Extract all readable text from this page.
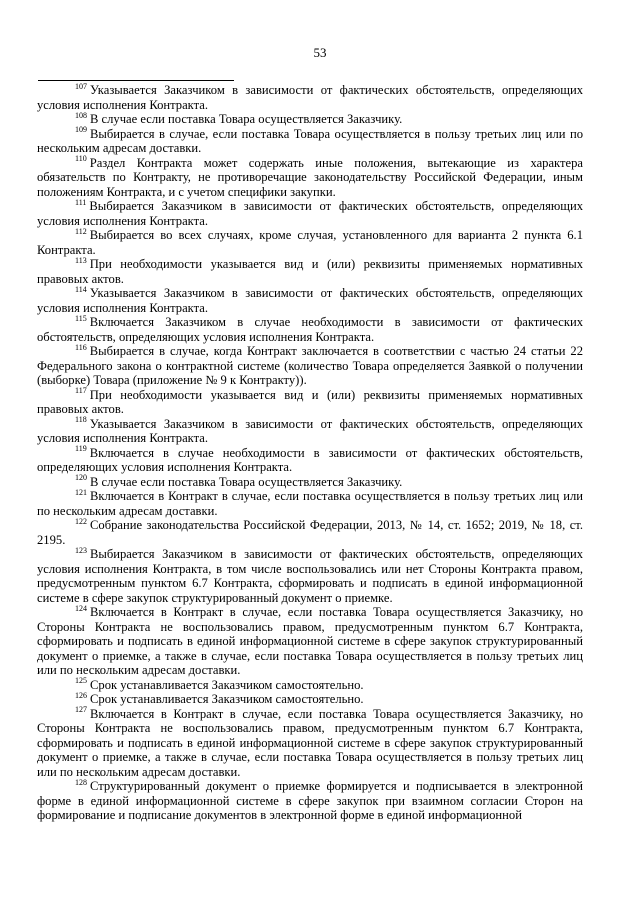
53

$^{107}$ Указывается Заказчиком в зависимости от фактических обстоятельств, определяющих условия исполнения Контракта.

$^{108}$ В случае если поставка Товара осуществляется Заказчику.

$^{109}$ Выбирается в случае, если поставка Товара осуществляется в пользу третьих лиц или по нескольким адресам доставки.

$^{110}$ Раздел Контракта может содержать иные положения, вытекающие из характера обязательств по Контракту, не противоречащие законодательству Российской Федерации, иным положениям Контракта, и с учетом специфики закупки.

$^{111}$ Выбирается Заказчиком в зависимости от фактических обстоятельств, определяющих условия исполнения Контракта.

$^{112}$ Выбирается во всех случаях, кроме случая, установленного для варианта 2 пункта 6.1 Контракта.

$^{113}$ При необходимости указывается вид и (или) реквизиты применяемых нормативных правовых актов.

$^{114}$ Указывается Заказчиком в зависимости от фактических обстоятельств, определяющих условия исполнения Контракта.

$^{115}$ Включается Заказчиком в случае необходимости в зависимости от фактических обстоятельств, определяющих условия исполнения Контракта.

$^{116}$ Выбирается в случае, когда Контракт заключается в соответствии с частью 24 статьи 22 Федерального закона о контрактной системе (количество Товара определяется Заявкой о получении (выборке) Товара (приложение № 9 к Контракту)).

$^{117}$ При необходимости указывается вид и (или) реквизиты применяемых нормативных правовых актов.

$^{118}$ Указывается Заказчиком в зависимости от фактических обстоятельств, определяющих условия исполнения Контракта.

$^{119}$ Включается в случае необходимости в зависимости от фактических обстоятельств, определяющих условия исполнения Контракта.

$^{120}$ В случае если поставка Товара осуществляется Заказчику.

$^{121}$ Включается в Контракт в случае, если поставка осуществляется в пользу третьих лиц или по нескольким адресам доставки.

$^{122}$ Собрание законодательства Российской Федерации, 2013, № 14, ст. 1652; 2019, № 18, ст. 2195.

$^{123}$ Выбирается Заказчиком в зависимости от фактических обстоятельств, определяющих условия исполнения Контракта, в том числе воспользовались или нет Стороны Контракта правом, предусмотренным пунктом 6.7 Контракта, сформировать и подписать в единой информационной системе в сфере закупок структурированный документ о приемке.

$^{124}$ Включается в Контракт в случае, если поставка Товара осуществляется Заказчику, но Стороны Контракта не воспользовались правом, предусмотренным пунктом 6.7 Контракта, сформировать и подписать в единой информационной системе в сфере закупок структурированный документ о приемке, а также в случае, если поставка Товара осуществляется в пользу третьих лиц или по нескольким адресам доставки.

$^{125}$ Срок устанавливается Заказчиком самостоятельно.

$^{126}$ Срок устанавливается Заказчиком самостоятельно.

$^{127}$ Включается в Контракт в случае, если поставка Товара осуществляется Заказчику, но Стороны Контракта не воспользовались правом, предусмотренным пунктом 6.7 Контракта, сформировать и подписать в единой информационной системе в сфере закупок структурированный документ о приемке, а также в случае, если поставка Товара осуществляется в пользу третьих лиц или по нескольким адресам доставки.

$^{128}$ Структурированный документ о приемке формируется и подписывается в электронной форме в единой информационной системе в сфере закупок при взаимном согласии Сторон на формирование и подписание документов в электронной форме в единой информационной
